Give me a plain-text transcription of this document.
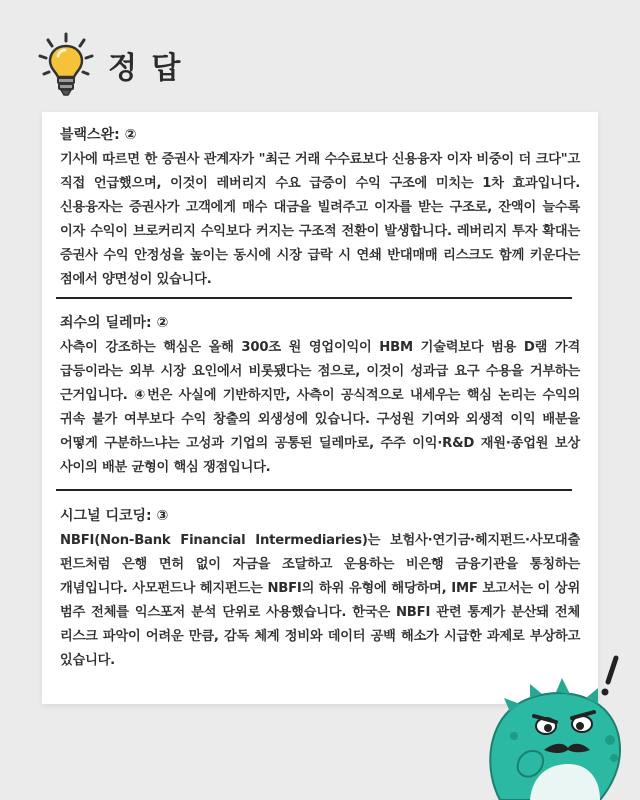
정 답
블랙스완: ②
기사에 따르면 한 증권사 관계자가 "최근 거래 수수료보다 신용융자 이자 비중이 더 크다"고 직접 언급했으며, 이것이 레버리지 수요 급증이 수익 구조에 미치는 1차 효과입니다. 신용융자는 증권사가 고객에게 매수 대금을 빌려주고 이자를 받는 구조로, 잔액이 늘수록 이자 수익이 브로커리지 수익보다 커지는 구조적 전환이 발생합니다. 레버리지 투자 확대는 증권사 수익 안정성을 높이는 동시에 시장 급락 시 연쇄 반대매매 리스크도 함께 키운다는 점에서 양면성이 있습니다.
죄수의 딜레마: ②
사측이 강조하는 핵심은 올해 300조 원 영업이익이 HBM 기술력보다 범용 D램 가격 급등이라는 외부 시장 요인에서 비롯됐다는 점으로, 이것이 성과급 요구 수용을 거부하는 근거입니다. ④번은 사실에 기반하지만, 사측이 공식적으로 내세우는 핵심 논리는 수익의 귀속 불가 여부보다 수익 창출의 외생성에 있습니다. 구성원 기여와 외생적 이익 배분을 어떻게 구분하느냐는 고성과 기업의 공통된 딜레마로, 주주 이익·R&D 재원·종업원 보상 사이의 배분 균형이 핵심 쟁점입니다.
시그널 디코딩: ③
NBFI(Non-Bank Financial Intermediaries)는 보험사·연기금·헤지펀드·사모대출 펀드처럼 은행 면허 없이 자금을 조달하고 운용하는 비은행 금융기관을 통칭하는 개념입니다. 사모펀드나 헤지펀드는 NBFI의 하위 유형에 해당하며, IMF 보고서는 이 상위 범주 전체를 익스포저 분석 단위로 사용했습니다. 한국은 NBFI 관련 통계가 분산돼 전체 리스크 파악이 어려운 만큼, 감독 체계 정비와 데이터 공백 해소가 시급한 과제로 부상하고 있습니다.
